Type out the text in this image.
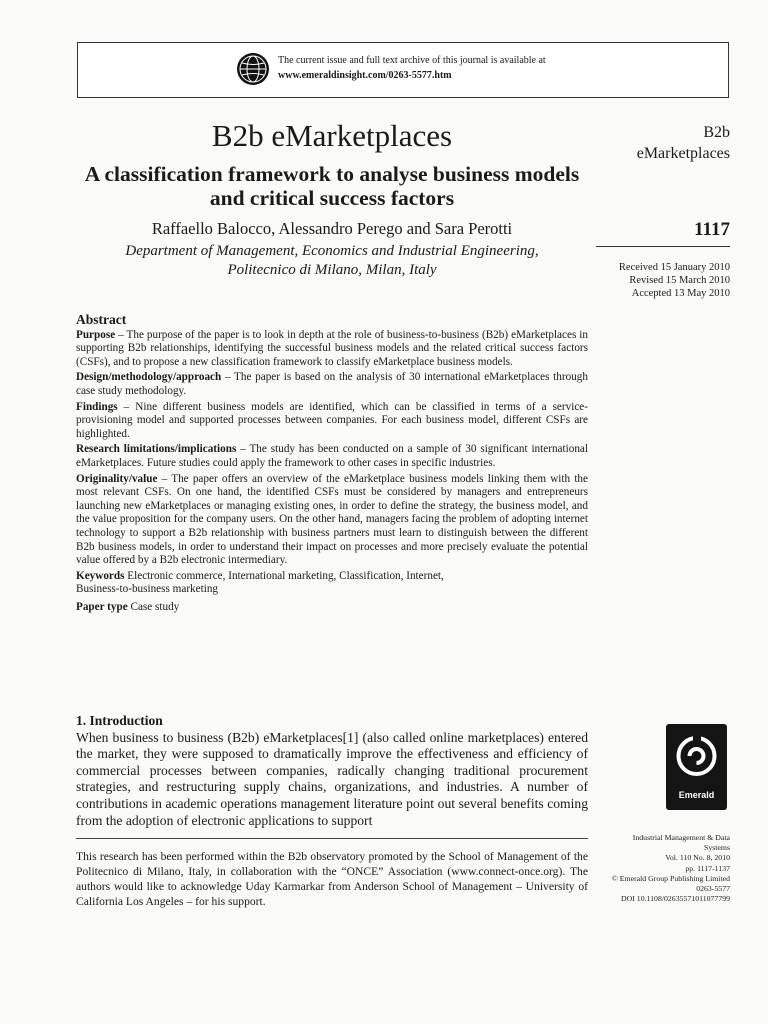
The current issue and full text archive of this journal is available at
www.emeraldinsight.com/0263-5577.htm
B2b eMarketplaces
A classification framework to analyse business models and critical success factors
Raffaello Balocco, Alessandro Perego and Sara Perotti
Department of Management, Economics and Industrial Engineering,
Politecnico di Milano, Milan, Italy
B2b
eMarketplaces
1117
Received 15 January 2010
Revised 15 March 2010
Accepted 13 May 2010
Abstract

Purpose – The purpose of the paper is to look in depth at the role of business-to-business (B2b) eMarketplaces in supporting B2b relationships, identifying the successful business models and the related critical success factors (CSFs), and to propose a new classification framework to classify eMarketplace business models.

Design/methodology/approach – The paper is based on the analysis of 30 international eMarketplaces through case study methodology.

Findings – Nine different business models are identified, which can be classified in terms of a service-provisioning model and supported processes between companies. For each business model, different CSFs are highlighted.

Research limitations/implications – The study has been conducted on a sample of 30 significant international eMarketplaces. Future studies could apply the framework to other cases in specific industries.

Originality/value – The paper offers an overview of the eMarketplace business models linking them with the most relevant CSFs. On one hand, the identified CSFs must be considered by managers and entrepreneurs launching new eMarketplaces or managing existing ones, in order to define the strategy, the business model, and the value proposition for the company users. On the other hand, managers facing the problem of adopting internet technology to support a B2b relationship with business partners must learn to distinguish between the different B2b business models, in order to understand their impact on processes and more precisely evaluate the potential value offered by a B2b electronic intermediary.

Keywords Electronic commerce, International marketing, Classification, Internet,
Business-to-business marketing

Paper type Case study

1. Introduction

When business to business (B2b) eMarketplaces[1] (also called online marketplaces) entered the market, they were supposed to dramatically improve the effectiveness and efficiency of commercial processes between companies, radically changing traditional procurement strategies, and restructuring supply chains, organizations, and industries. A number of contributions in academic operations management literature point out several benefits coming from the adoption of electronic applications to support

This research has been performed within the B2b observatory promoted by the School of Management of the Politecnico di Milano, Italy, in collaboration with the “ONCE” Association (www.connect-once.org). The authors would like to acknowledge Uday Karmarkar from Anderson School of Management – University of California Los Angeles – for his support.
Emerald
Industrial Management & Data
Systems
Vol. 110 No. 8, 2010
pp. 1117-1137
© Emerald Group Publishing Limited
0263-5577
DOI 10.1108/02635571011077799
